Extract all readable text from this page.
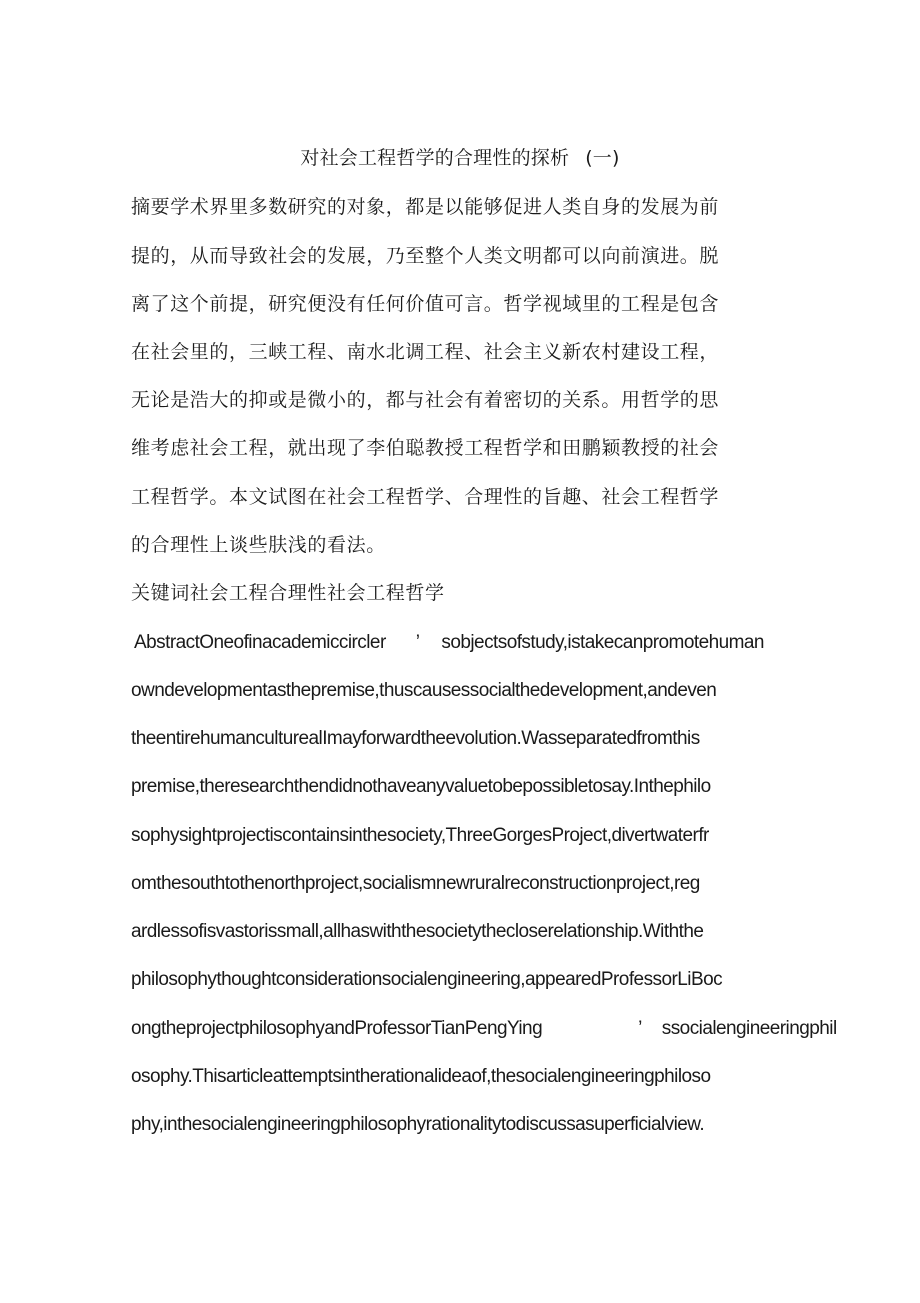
对社会工程哲学的合理性的探析 (一)
摘要学术界里多数研究的对象，都是以能够促进人类自身的发展为前
提的，从而导致社会的发展，乃至整个人类文明都可以向前演进。脱
离了这个前提，研究便没有任何价值可言。哲学视域里的工程是包含
在社会里的，三峡工程、南水北调工程、社会主义新农村建设工程，
无论是浩大的抑或是微小的，都与社会有着密切的关系。用哲学的思
维考虑社会工程，就出现了李伯聪教授工程哲学和田鹏颖教授的社会
工程哲学。本文试图在社会工程哲学、合理性的旨趣、社会工程哲学
的合理性上谈些肤浅的看法。
关键词社会工程合理性社会工程哲学
AbstractOneofinacademiccircler ’ sobjectsofstudy,istakecanpromotehuman
owndevelopmentasthepremise,thuscausessocialthedevelopment,andeven
theentirehumanculturealImayforwardtheevolution.Wasseparatedfromthis
premise,theresearchthendidnothaveanyvaluetobepossibletosay.Inthephilo
sophysightprojectiscontainsinthesociety,ThreeGorgesProject,divertwaterfr
omthesouthtothenorthproject,socialismnewruralreconstructionproject,reg
ardlessofisvastorissmall,allhaswiththesocietythecloserelationship.Withthe
philosophythoughtconsiderationsocialengineering,appearedProfessorLiBoc
ongtheprojectphilosophyandProfessorTianPengYing	’ ssocialengineeringphil
osophy.Thisarticleattemptsintherationalideaof,thesocialengineeringphiloso
phy,inthesocialengineeringphilosophyrationalitytodiscussasuperficialview.
